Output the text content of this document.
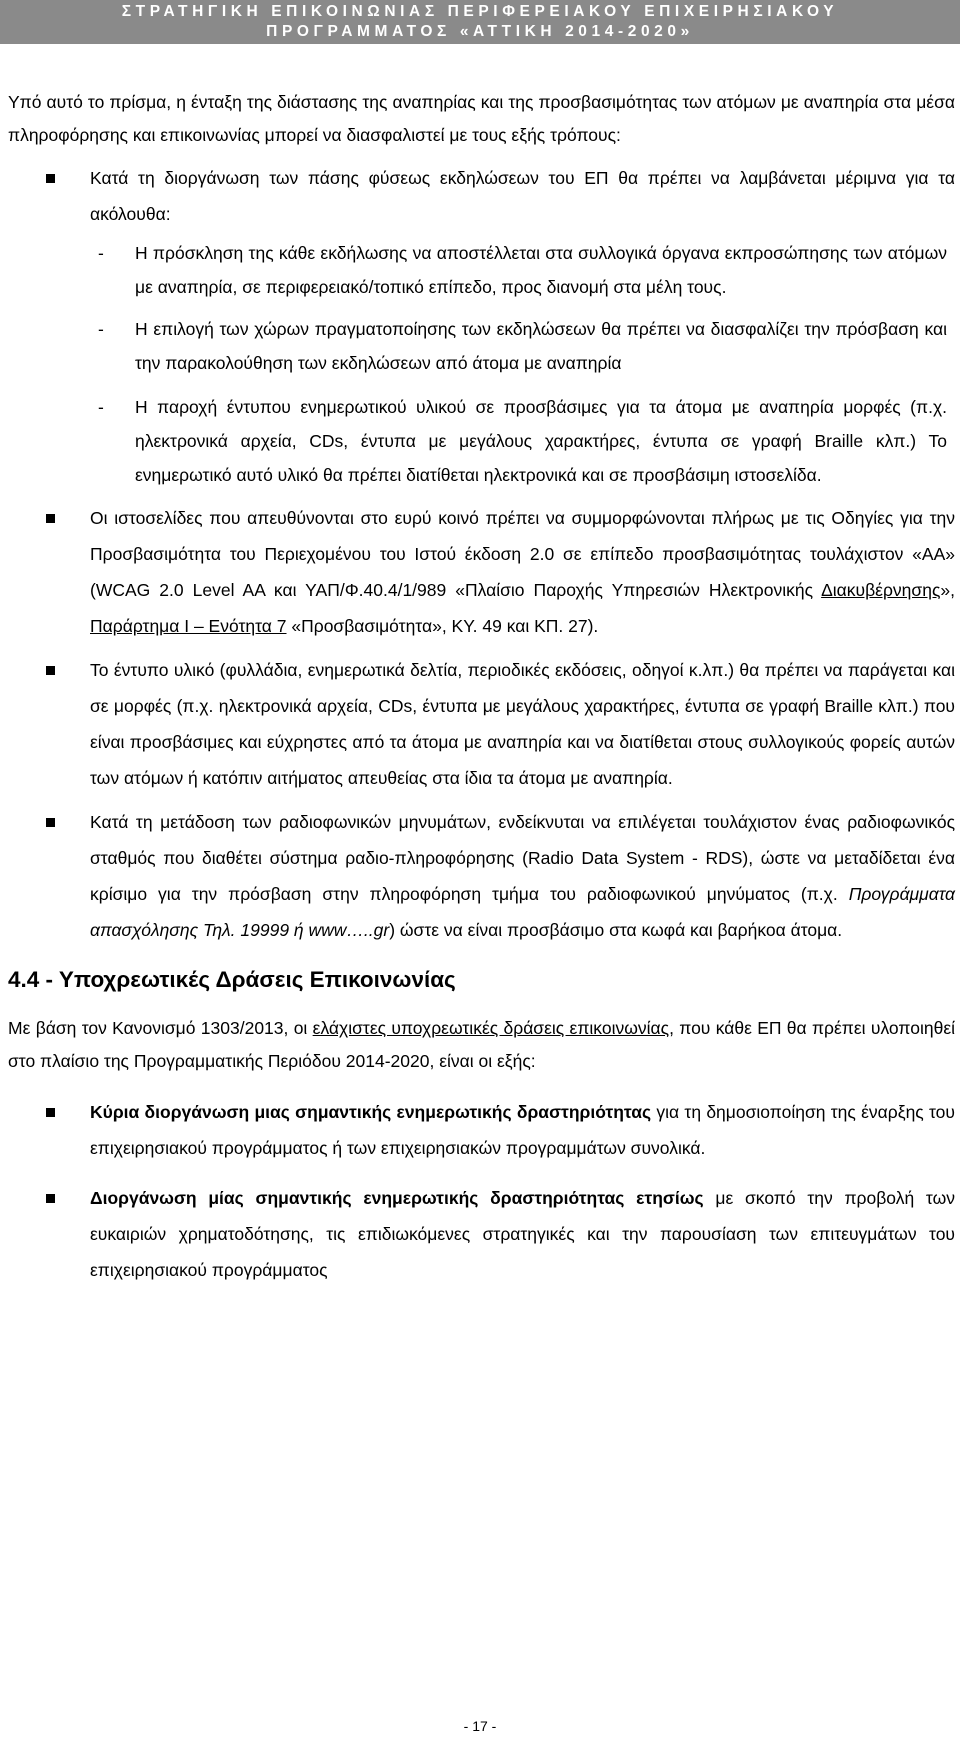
ΣΤΡΑΤΗΓΙΚΗ ΕΠΙΚΟΙΝΩΝΙΑΣ ΠΕΡΙΦΕΡΕΙΑΚΟΥ ΕΠΙΧΕΙΡΗΣΙΑΚΟΥ
ΠΡΟΓΡΑΜΜΑΤΟΣ «ΑΤΤΙΚΗ 2014-2020»

Υπό αυτό το πρίσμα, η ένταξη της διάστασης της αναπηρίας και της προσβασιμότητας των ατόμων με αναπηρία στα μέσα πληροφόρησης και επικοινωνίας μπορεί να διασφαλιστεί με τους εξής τρόπους:

Κατά τη διοργάνωση των πάσης φύσεως εκδηλώσεων του ΕΠ θα πρέπει να λαμβάνεται μέριμνα για τα ακόλουθα:
- Η πρόσκληση της κάθε εκδήλωσης να αποστέλλεται στα συλλογικά όργανα εκπροσώπησης των ατόμων με αναπηρία, σε περιφερειακό/τοπικό επίπεδο, προς διανομή στα μέλη τους.
- Η επιλογή των χώρων πραγματοποίησης των εκδηλώσεων θα πρέπει να διασφαλίζει την πρόσβαση και την παρακολούθηση των εκδηλώσεων από άτομα με αναπηρία
- Η παροχή έντυπου ενημερωτικού υλικού σε προσβάσιμες για τα άτομα με αναπηρία μορφές (π.χ. ηλεκτρονικά αρχεία, CDs, έντυπα με μεγάλους χαρακτήρες, έντυπα σε γραφή Braille κλπ.) Το ενημερωτικό αυτό υλικό θα πρέπει διατίθεται ηλεκτρονικά και σε προσβάσιμη ιστοσελίδα.
Οι ιστοσελίδες που απευθύνονται στο ευρύ κοινό πρέπει να συμμορφώνονται πλήρως με τις Οδηγίες για την Προσβασιμότητα του Περιεχομένου του Ιστού έκδοση 2.0 σε επίπεδο προσβασιμότητας τουλάχιστον «ΑΑ» (WCAG 2.0 Level AA και ΥΑΠ/Φ.40.4/1/989 «Πλαίσιο Παροχής Υπηρεσιών Ηλεκτρονικής Διακυβέρνησης», Παράρτημα Ι – Ενότητα 7 «Προσβασιμότητα», ΚΥ. 49 και ΚΠ. 27).
Το έντυπο υλικό (φυλλάδια, ενημερωτικά δελτία, περιοδικές εκδόσεις, οδηγοί κ.λπ.) θα πρέπει να παράγεται και σε μορφές (π.χ. ηλεκτρονικά αρχεία, CDs, έντυπα με μεγάλους χαρακτήρες, έντυπα σε γραφή Braille κλπ.) που είναι προσβάσιμες και εύχρηστες από τα άτομα με αναπηρία και να διατίθεται στους συλλογικούς φορείς αυτών των ατόμων ή κατόπιν αιτήματος απευθείας στα ίδια τα άτομα με αναπηρία.
Κατά τη μετάδοση των ραδιοφωνικών μηνυμάτων, ενδείκνυται να επιλέγεται τουλάχιστον ένας ραδιοφωνικός σταθμός που διαθέτει σύστημα ραδιο-πληροφόρησης (Radio Data System - RDS), ώστε να μεταδίδεται ένα κρίσιμο για την πρόσβαση στην πληροφόρηση τμήμα του ραδιοφωνικού μηνύματος (π.χ. Προγράμματα απασχόλησης Τηλ. 19999 ή www…..gr) ώστε να είναι προσβάσιμο στα κωφά και βαρήκοα άτομα.
4.4 - Υποχρεωτικές Δράσεις Επικοινωνίας

Με βάση τον Κανονισμό 1303/2013, οι ελάχιστες υποχρεωτικές δράσεις επικοινωνίας, που κάθε ΕΠ θα πρέπει υλοποιηθεί στο πλαίσιο της Προγραμματικής Περιόδου 2014-2020, είναι οι εξής:

Κύρια διοργάνωση μιας σημαντικής ενημερωτικής δραστηριότητας για τη δημοσιοποίηση της έναρξης του επιχειρησιακού προγράμματος ή των επιχειρησιακών προγραμμάτων συνολικά.
Διοργάνωση μίας σημαντικής ενημερωτικής δραστηριότητας ετησίως με σκοπό την προβολή των ευκαιριών χρηματοδότησης, τις επιδιωκόμενες στρατηγικές και την παρουσίαση των επιτευγμάτων του επιχειρησιακού προγράμματος
- 17 -
